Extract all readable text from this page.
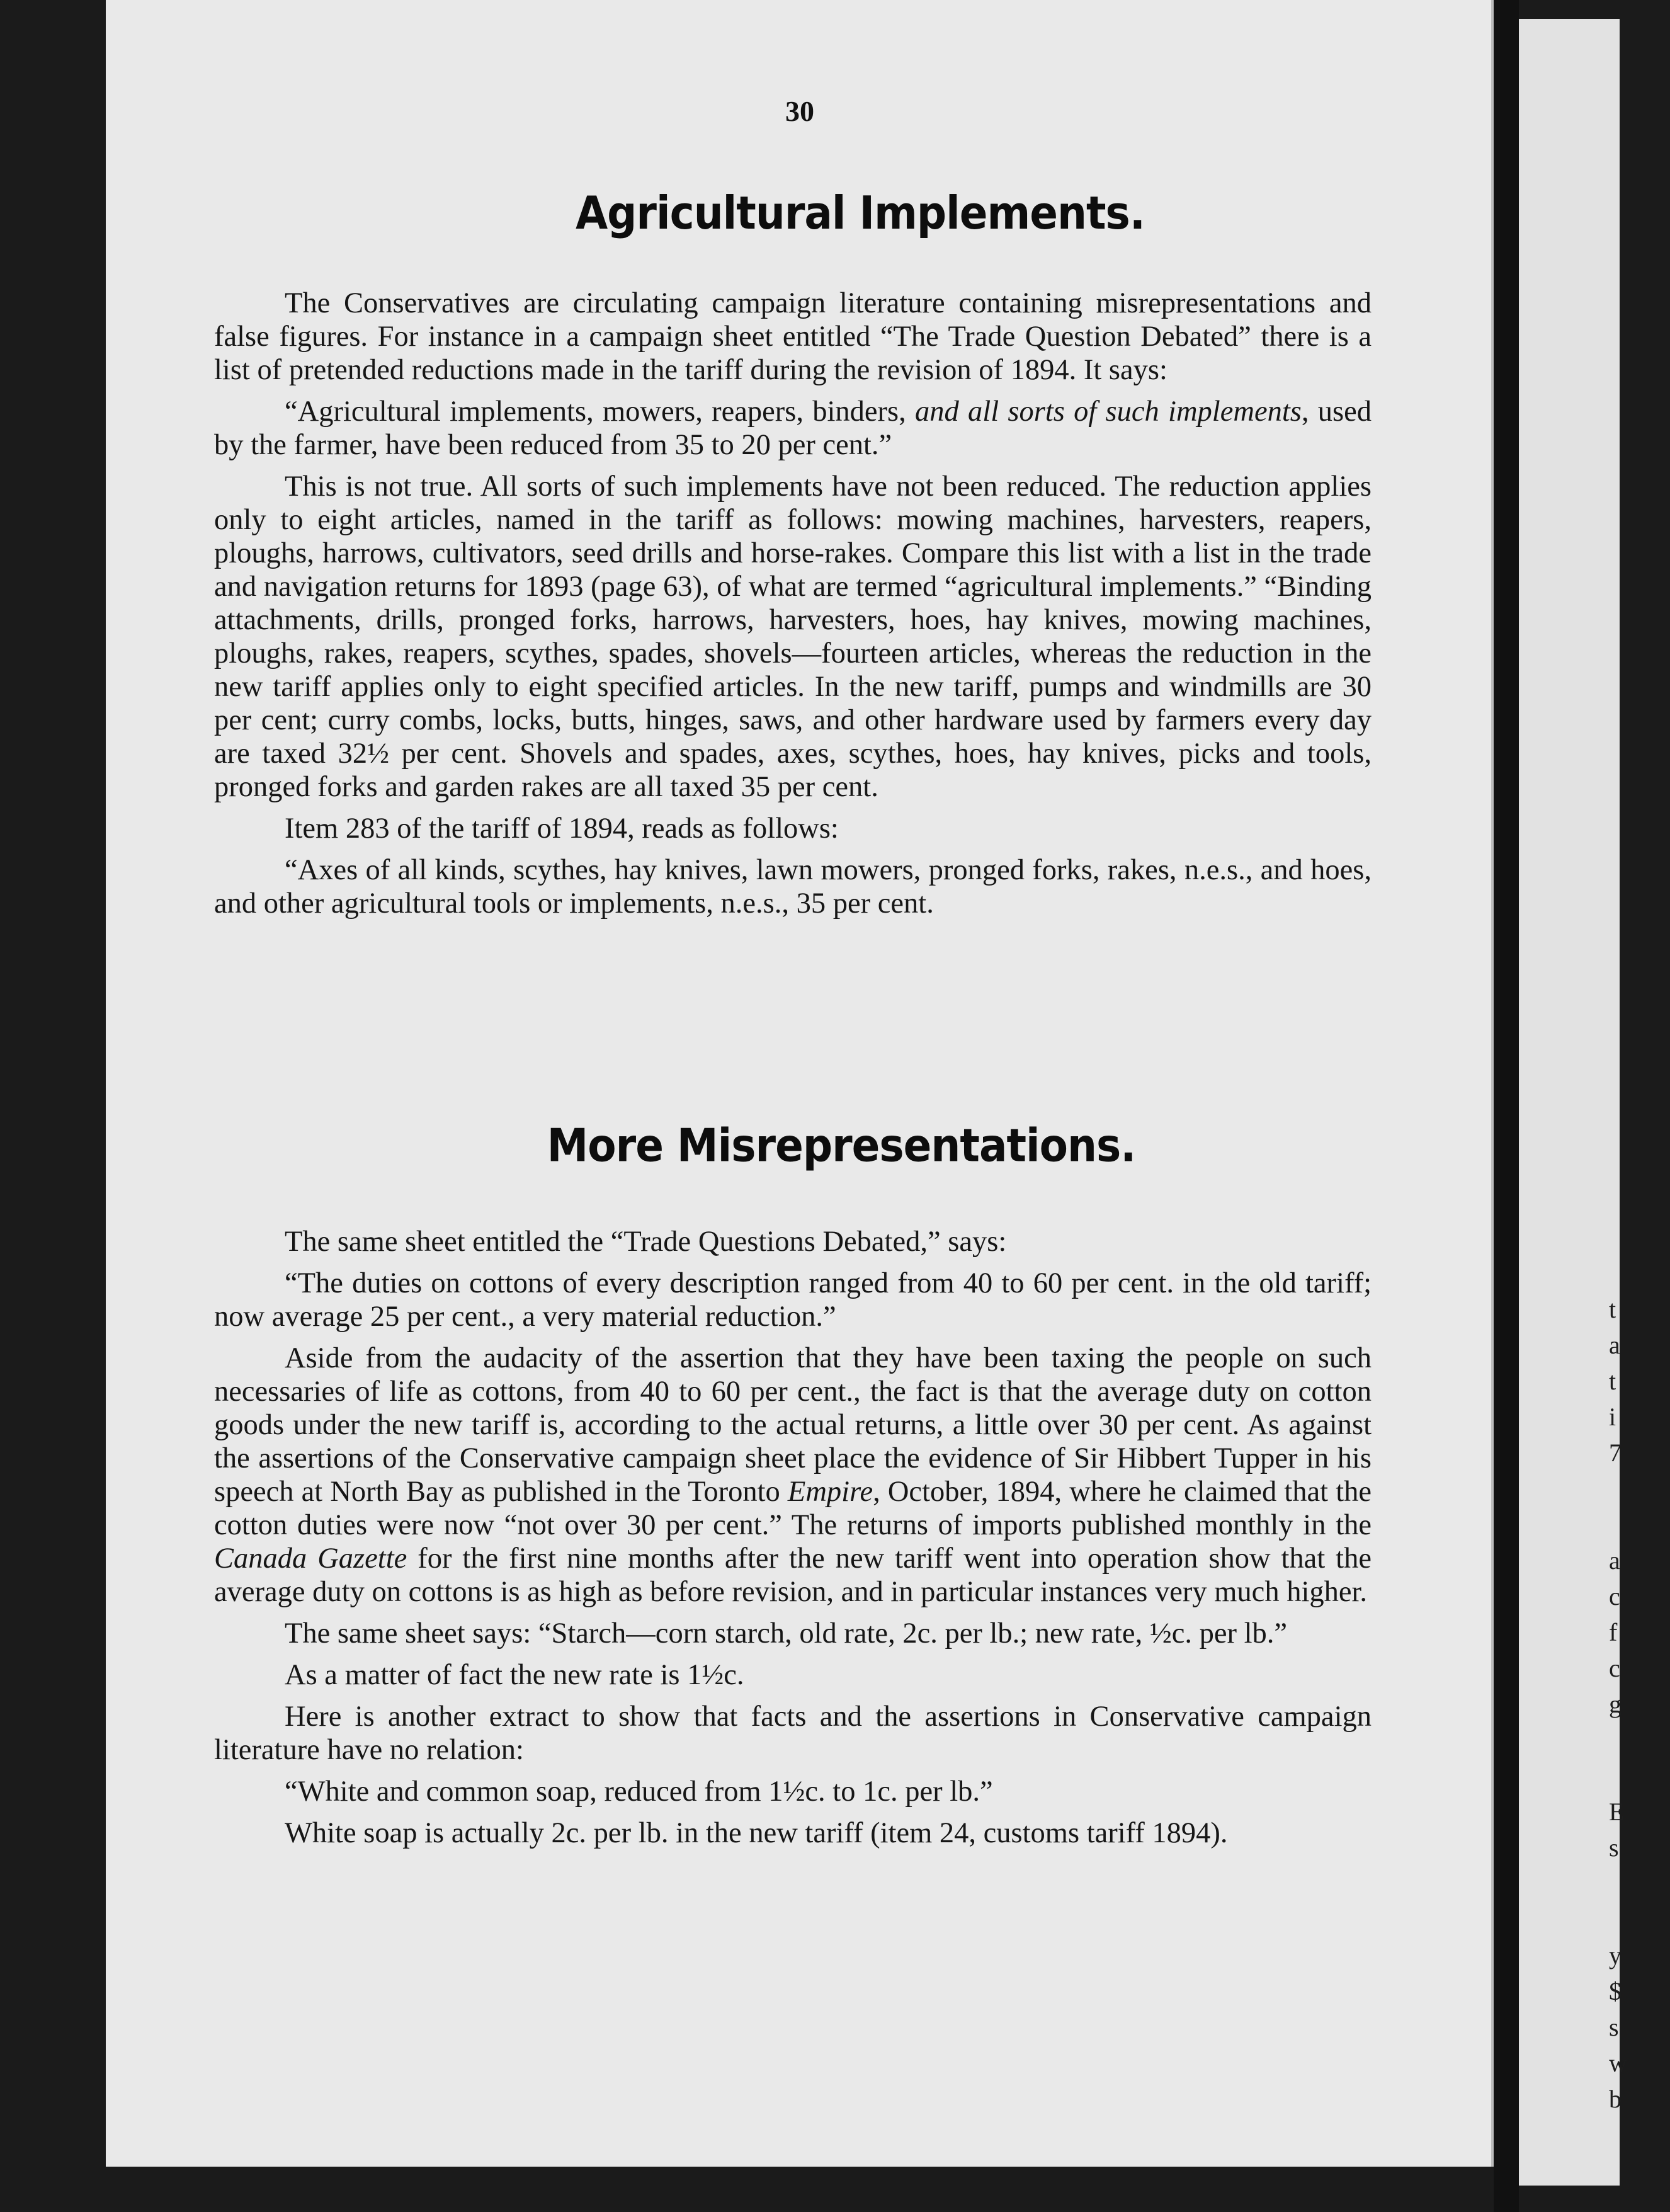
t
a
t
i
7

a
c
f
c
g

E
s

y
$
s
w
b
30
Agricultural Implements.

The Conservatives are circulating campaign literature containing misrepresentations and false figures. For instance in a campaign sheet entitled “The Trade Question Debated” there is a list of pretended reductions made in the tariff during the revision of 1894. It says:

“Agricultural implements, mowers, reapers, binders, and all sorts of such implements, used by the farmer, have been reduced from 35 to 20 per cent.”

This is not true. All sorts of such implements have not been reduced. The reduction applies only to eight articles, named in the tariff as follows: mowing machines, harvesters, reapers, ploughs, harrows, cultivators, seed drills and horse-rakes. Compare this list with a list in the trade and navigation returns for 1893 (page 63), of what are termed “agricultural implements.” “Binding attachments, drills, pronged forks, harrows, harvesters, hoes, hay knives, mowing machines, ploughs, rakes, reapers, scythes, spades, shovels—fourteen articles, whereas the reduction in the new tariff applies only to eight specified articles. In the new tariff, pumps and windmills are 30 per cent; curry combs, locks, butts, hinges, saws, and other hardware used by farmers every day are taxed 32½ per cent. Shovels and spades, axes, scythes, hoes, hay knives, picks and tools, pronged forks and garden rakes are all taxed 35 per cent.

Item 283 of the tariff of 1894, reads as follows:

“Axes of all kinds, scythes, hay knives, lawn mowers, pronged forks, rakes, n.e.s., and hoes, and other agricultural tools or implements, n.e.s., 35 per cent.

More Misrepresentations.

The same sheet entitled the “Trade Questions Debated,” says:

“The duties on cottons of every description ranged from 40 to 60 per cent. in the old tariff; now average 25 per cent., a very material reduction.”

Aside from the audacity of the assertion that they have been taxing the people on such necessaries of life as cottons, from 40 to 60 per cent., the fact is that the average duty on cotton goods under the new tariff is, according to the actual returns, a little over 30 per cent. As against the assertions of the Conservative campaign sheet place the evidence of Sir Hibbert Tupper in his speech at North Bay as published in the Toronto Empire, October, 1894, where he claimed that the cotton duties were now “not over 30 per cent.” The returns of imports published monthly in the Canada Gazette for the first nine months after the new tariff went into operation show that the average duty on cottons is as high as before revision, and in particular instances very much higher.

The same sheet says: “Starch—corn starch, old rate, 2c. per lb.; new rate, ½c. per lb.”

As a matter of fact the new rate is 1½c.

Here is another extract to show that facts and the assertions in Conservative campaign literature have no relation:

“White and common soap, reduced from 1½c. to 1c. per lb.”

White soap is actually 2c. per lb. in the new tariff (item 24, customs tariff 1894).
